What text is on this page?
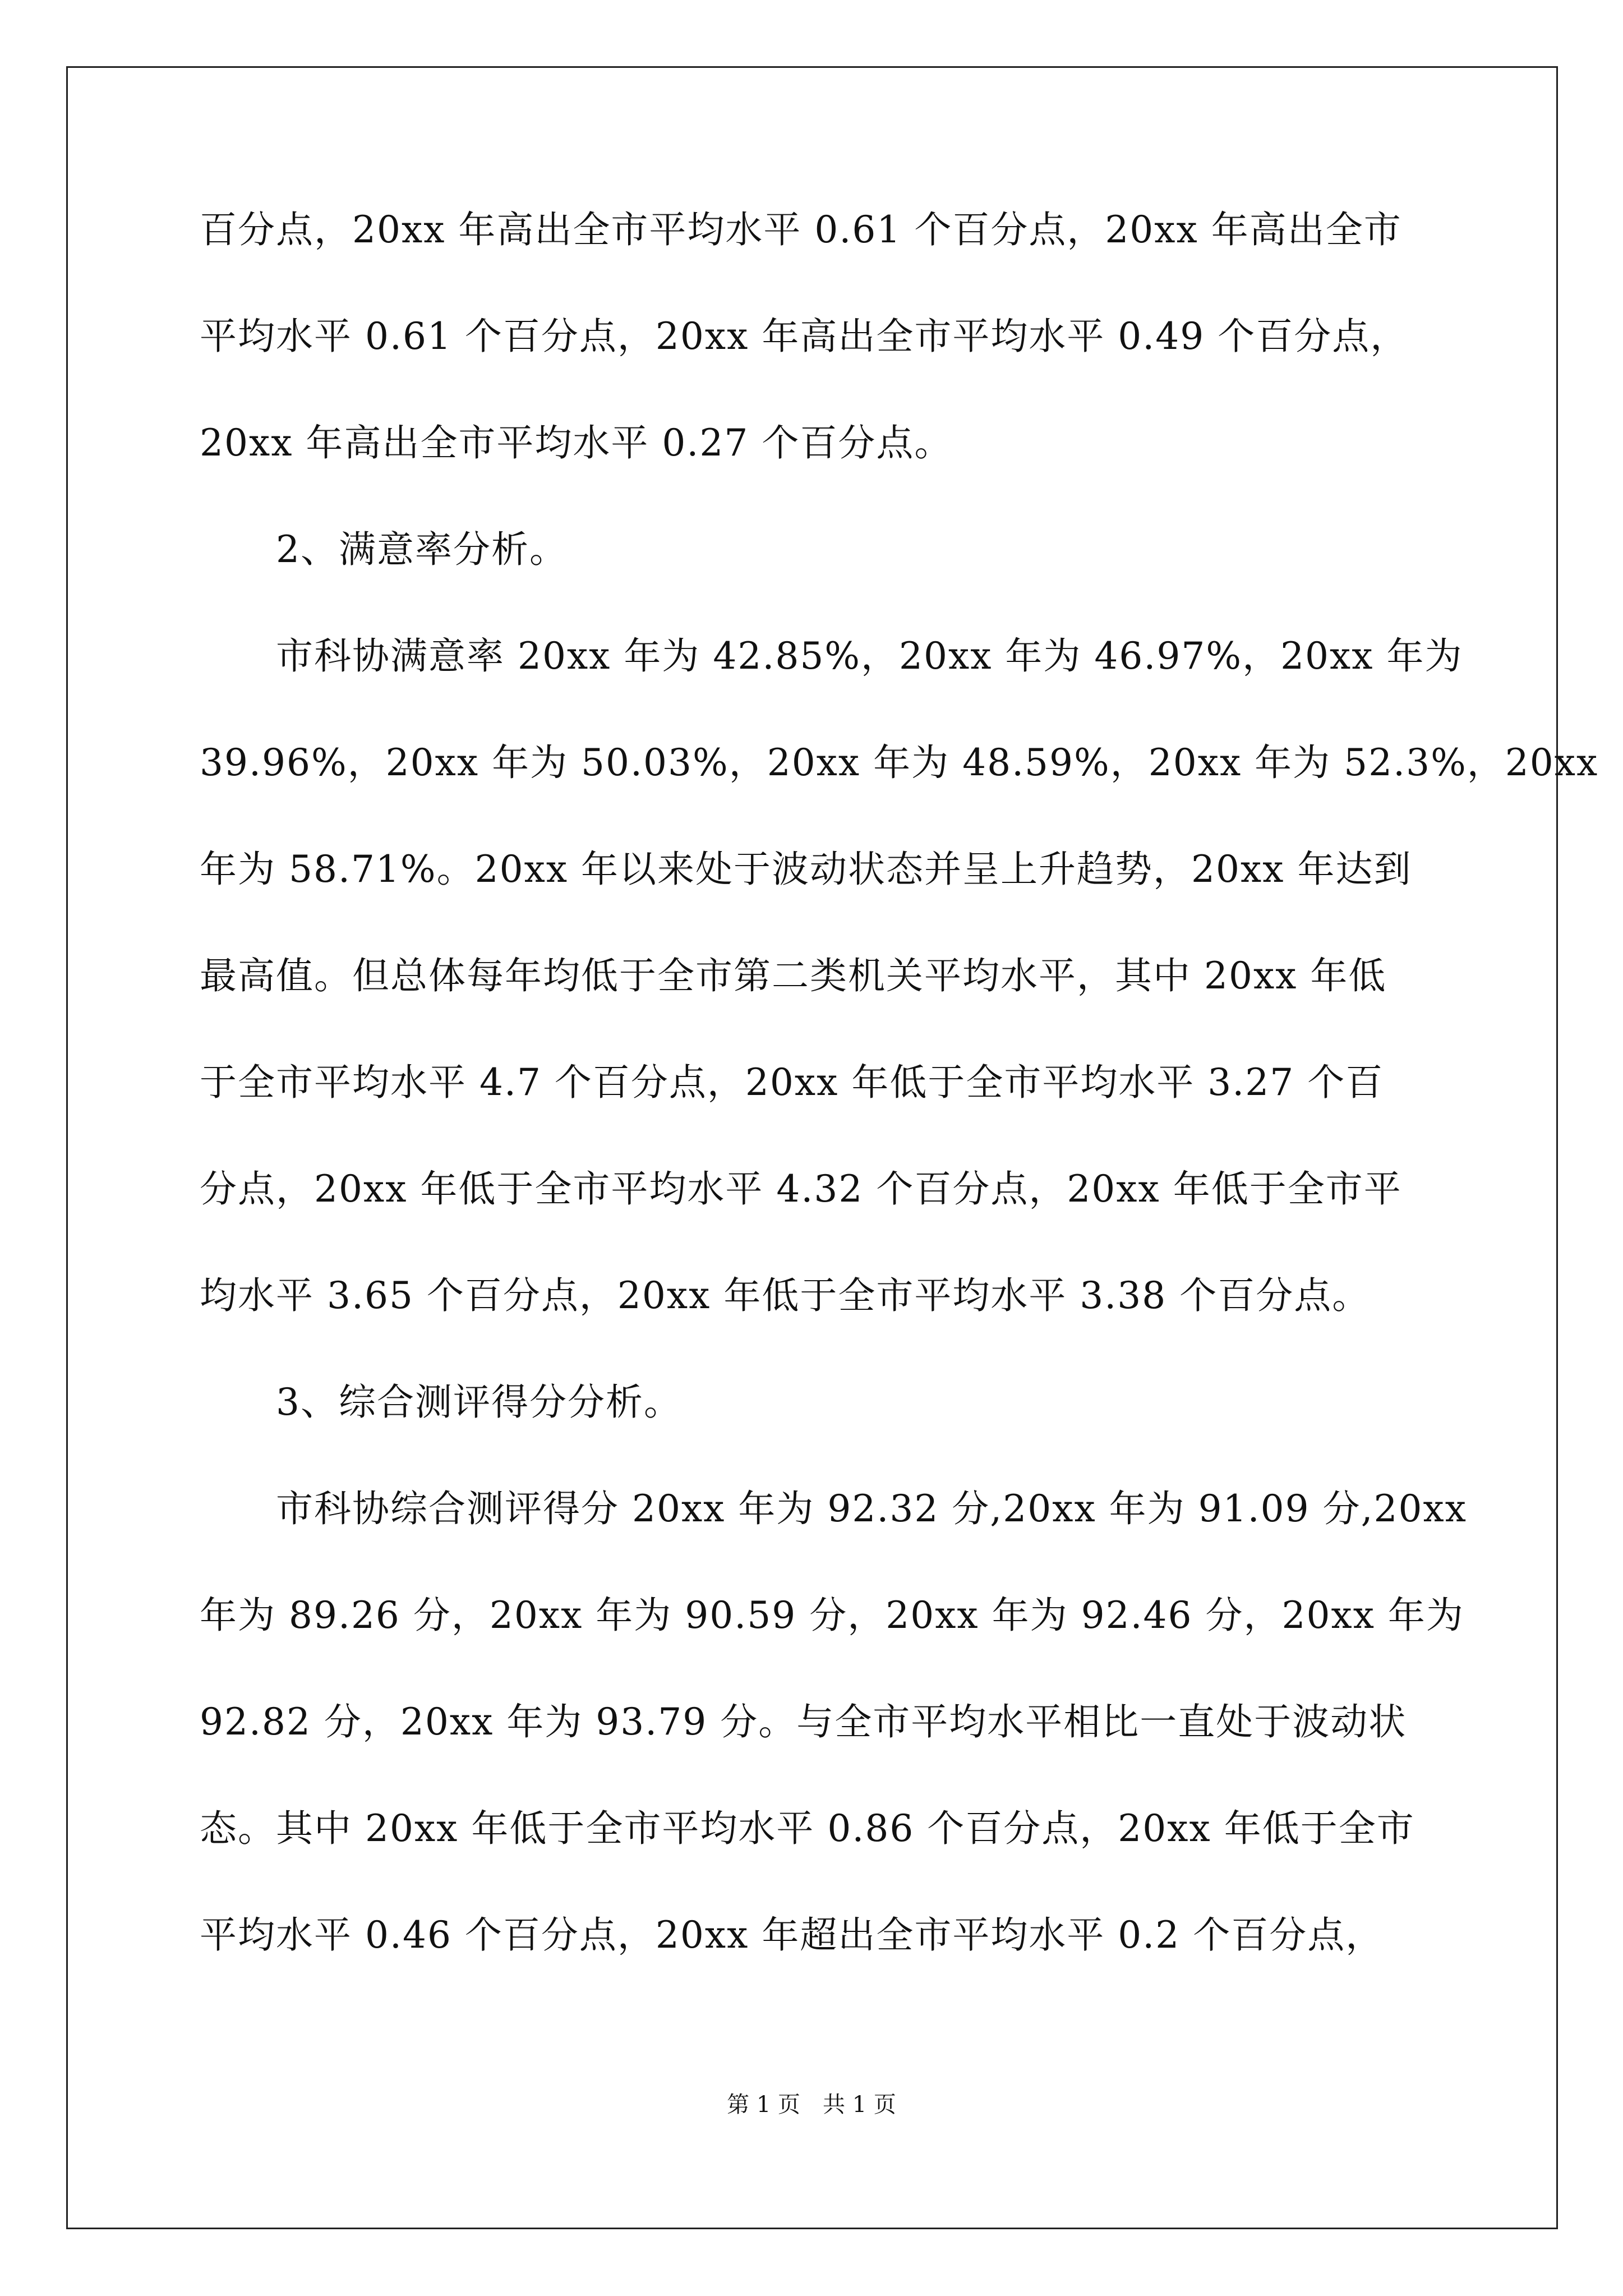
百分点，20xx 年高出全市平均水平 0.61 个百分点，20xx 年高出全市
平均水平 0.61 个百分点，20xx 年高出全市平均水平 0.49 个百分点，
20xx 年高出全市平均水平 0.27 个百分点。
　　2、满意率分析。
　　市科协满意率 20xx 年为 42.85%，20xx 年为 46.97%，20xx 年为
39.96%，20xx 年为 50.03%，20xx 年为 48.59%，20xx 年为 52.3%，20xx
年为 58.71%。20xx 年以来处于波动状态并呈上升趋势，20xx 年达到
最高值。但总体每年均低于全市第二类机关平均水平，其中 20xx 年低
于全市平均水平 4.7 个百分点，20xx 年低于全市平均水平 3.27 个百
分点，20xx 年低于全市平均水平 4.32 个百分点，20xx 年低于全市平
均水平 3.65 个百分点，20xx 年低于全市平均水平 3.38 个百分点。
　　3、综合测评得分分析。
　　市科协综合测评得分 20xx 年为 92.32 分,20xx 年为 91.09 分,20xx
年为 89.26 分，20xx 年为 90.59 分，20xx 年为 92.46 分，20xx 年为
92.82 分，20xx 年为 93.79 分。与全市平均水平相比一直处于波动状
态。其中 20xx 年低于全市平均水平 0.86 个百分点，20xx 年低于全市
平均水平 0.46 个百分点，20xx 年超出全市平均水平 0.2 个百分点，
第 1 页　共 1 页
